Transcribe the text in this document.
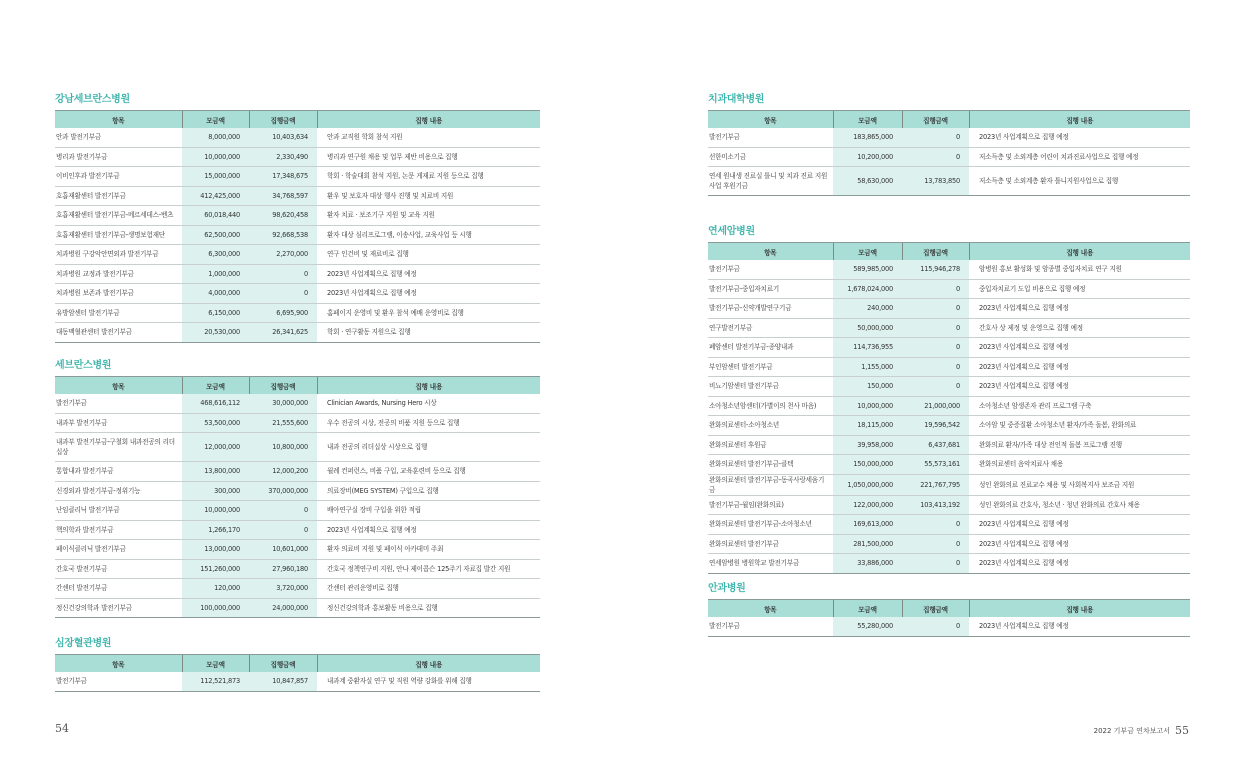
강남세브란스병원
항목	모금액	집행금액	집행 내용
안과 발전기부금	8,000,000	10,403,634	안과 교직원 학회 참석 지원
병리과 발전기부금	10,000,000	2,330,490	병리과 연구원 채용 및 업무 제반 비용으로 집행
이비인후과 발전기부금	15,000,000	17,348,675	학회 · 학술대회 참석 지원, 논문 게재료 지원 등으로 집행
호흡재활센터 발전기부금	412,425,000	34,768,597	환우 및 보호자 대상 행사 진행 및 치료비 지원
호흡재활센터 발전기부금-메르세데스-벤츠	60,018,440	98,620,458	환자 치료 · 보조기구 지원 및 교육 지원
호흡재활센터 발전기부금-생명보험재단	62,500,000	92,668,538	환자 대상 심리프로그램, 이송사업, 교육사업 등 시행
치과병원 구강악안면외과 발전기부금	6,300,000	2,270,000	연구 인건비 및 재료비로 집행
치과병원 교정과 발전기부금	1,000,000	0	2023년 사업계획으로 집행 예정
치과병원 보존과 발전기부금	4,000,000	0	2023년 사업계획으로 집행 예정
유방암센터 발전기부금	6,150,000	6,695,900	홈페이지 운영비 및 환우 참석 예배 운영비로 집행
대동맥혈관센터 발전기부금	20,530,000	26,341,625	학회 · 연구활동 지원으로 집행
세브란스병원
항목	모금액	집행금액	집행 내용
발전기부금	468,616,112	30,000,000	Clinician Awards, Nursing Hero 시상
내과부 발전기부금	53,500,000	21,555,600	우수 전공의 시상, 전공의 비품 지원 등으로 집행
내과부 발전기부금-구철회 내과전공의 리더십상	12,000,000	10,800,000	내과 전공의 리더십상 시상으로 집행
통합내과 발전기부금	13,800,000	12,000,200	월례 컨퍼런스, 비품 구입, 교육훈련비 등으로 집행
신경외과 발전기부금-정위기능	300,000	370,000,000	의료장비(MEG SYSTEM) 구입으로 집행
난임클리닉 발전기부금	10,000,000	0	배아연구실 장비 구입을 위한 적립
핵의학과 발전기부금	1,266,170	0	2023년 사업계획으로 집행 예정
페이식클리닉 발전기부금	13,000,000	10,601,000	환자 의료비 지원 및 페이식 아카데미 주최
간호국 발전기부금	151,260,000	27,960,180	간호국 정책연구비 지원, 안나 제이콥슨 125주기 자료집 발간 지원
간센터 발전기부금	120,000	3,720,000	간센터 관리운영비로 집행
정신건강의학과 발전기부금	100,000,000	24,000,000	정신건강의학과 홍보활동 비용으로 집행
심장혈관병원
항목	모금액	집행금액	집행 내용
발전기부금	112,521,873	10,847,857	내과계 중환자실 연구 및 직원 역량 강화를 위해 집행
54
치과대학병원
항목	모금액	집행금액	집행 내용
발전기부금	183,865,000	0	2023년 사업계획으로 집행 예정
선한미소기금	10,200,000	0	저소득층 및 소외계층 어린이 치과진료사업으로 집행 예정
연세 원내생 진료실 틀니 및 치과 진료 지원사업 후원기금	58,630,000	13,783,850	저소득층 및 소외계층 환자 틀니지원사업으로 집행
연세암병원
항목	모금액	집행금액	집행 내용
발전기부금	589,985,000	115,946,278	암병원 홍보 활성화 및 암종별 중입자치료 연구 지원
발전기부금-중입자치료기	1,678,024,000	0	중입자치료기 도입 비용으로 집행 예정
발전기부금-신약개발연구기금	240,000	0	2023년 사업계획으로 집행 예정
연구발전기부금	50,000,000	0	간호사 상 제정 및 운영으로 집행 예정
폐암센터 발전기부금-종양내과	114,736,955	0	2023년 사업계획으로 집행 예정
부인암센터 발전기부금	1,155,000	0	2023년 사업계획으로 집행 예정
비뇨기암센터 발전기부금	150,000	0	2023년 사업계획으로 집행 예정
소아청소년암센터(가별이의 천사 마음)	10,000,000	21,000,000	소아청소년 암생존자 관리 프로그램 구축
완화의료센터-소아청소년	18,115,000	19,596,542	소아암 및 중증질환 소아청소년 환자/가족 돌봄, 완화의료
완화의료센터 후원금	39,958,000	6,437,681	완화의료 환자/가족 대상 전인적 돌봄 프로그램 진행
완화의료센터 발전기부금-클텍	150,000,000	55,573,161	완화의료센터 음악치료사 채용
완화의료센터 발전기부금-동곡사랑세움기금	1,050,000,000	221,767,795	성인 완화의료 진료교수 채용 및 사회복지사 보조금 지원
발전기부금-월임(완화의료)	122,000,000	103,413,192	성인 완화의료 간호사, 청소년 · 청년 완화의료 간호사 채용
완화의료센터 발전기부금-소아청소년	169,613,000	0	2023년 사업계획으로 집행 예정
완화의료센터 발전기부금	281,500,000	0	2023년 사업계획으로 집행 예정
연세암병원 병원학교 발전기부금	33,886,000	0	2023년 사업계획으로 집행 예정
안과병원
항목	모금액	집행금액	집행 내용
발전기부금	55,280,000	0	2023년 사업계획으로 집행 예정
2022 기부금 연차보고서 55
